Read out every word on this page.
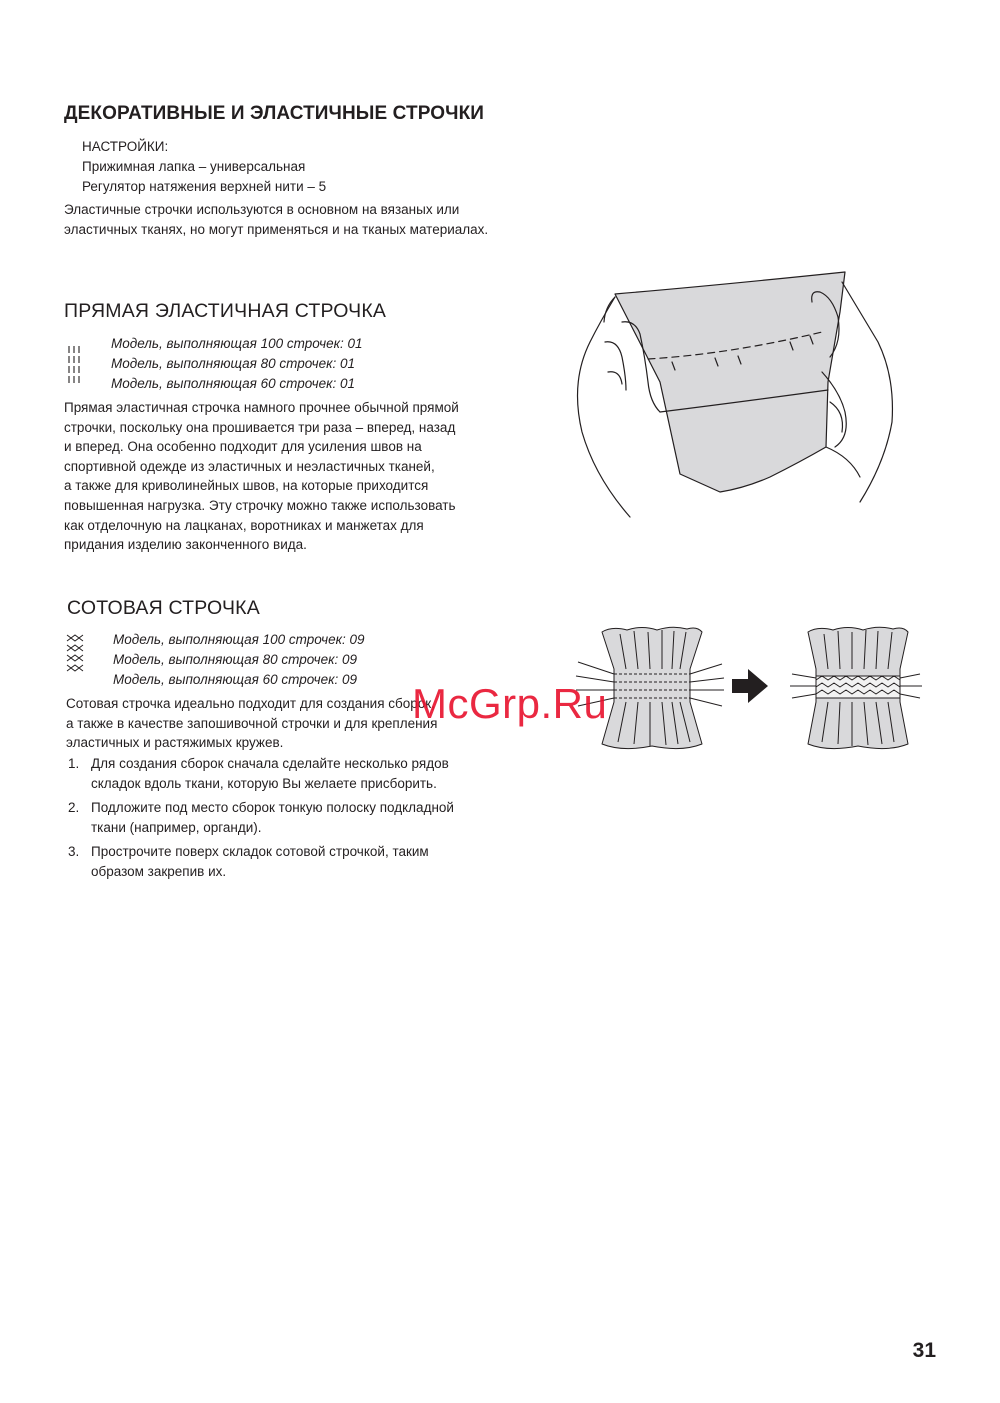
ДЕКОРАТИВНЫЕ И ЭЛАСТИЧНЫЕ СТРОЧКИ
НАСТРОЙКИ:
Прижимная лапка – универсальная
Регулятор натяжения верхней нити – 5
Эластичные строчки используются в основном на вязаных или
эластичных тканях, но могут применяться и на тканых материалах.
ПРЯМАЯ ЭЛАСТИЧНАЯ СТРОЧКА
Модель, выполняющая 100 строчек: 01
Модель, выполняющая 80 строчек: 01
Модель, выполняющая 60 строчек: 01
Прямая эластичная строчка намного прочнее обычной прямой
строчки, поскольку она прошивается три раза – вперед, назад
и вперед. Она особенно подходит для усиления швов на
спортивной одежде из эластичных и неэластичных тканей,
а также для криволинейных швов, на которые приходится
повышенная нагрузка. Эту строчку можно также использовать
как отделочную на лацканах, воротниках и манжетах для
придания изделию законченного вида.
СОТОВАЯ СТРОЧКА
Модель, выполняющая 100 строчек: 09
Модель, выполняющая 80 строчек: 09
Модель, выполняющая 60 строчек: 09
Сотовая строчка идеально подходит для создания сборок,
а также в качестве запошивочной строчки и для крепления
эластичных и растяжимых кружев.
1. Для создания сборок сначала сделайте несколько рядов
складок вдоль ткани, которую Вы желаете присборить.
2. Подложите под место сборок тонкую полоску подкладной
ткани (например, органди).
3. Прострочите поверх складок сотовой строчкой, таким
образом закрепив их.
McGrp.Ru
31
